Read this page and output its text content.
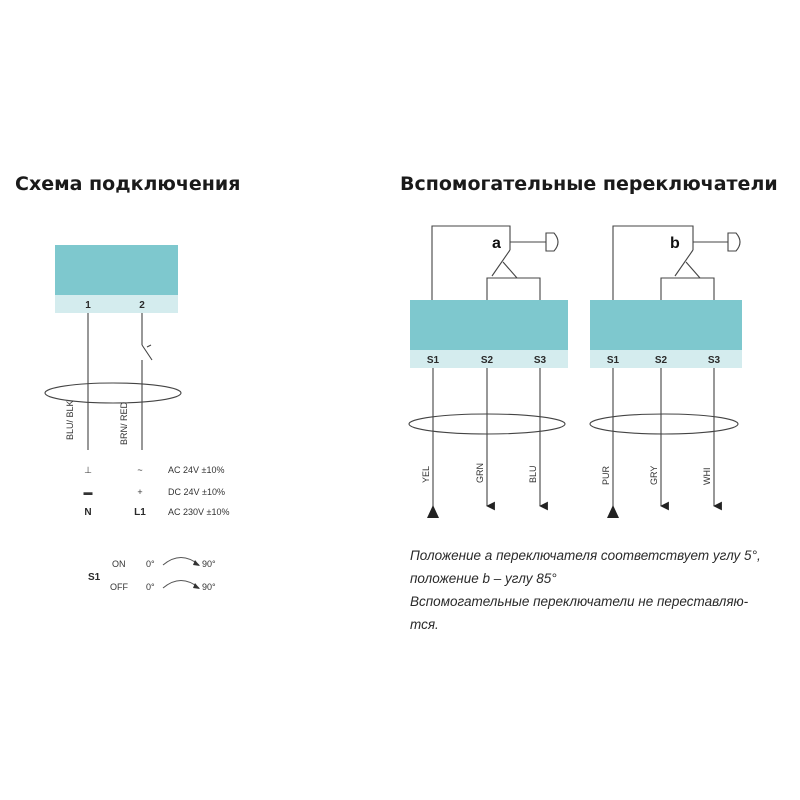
Схема подключения
1	2
BLU/ BLK	BRN/ RED
⊥	~	AC 24V ±10%
▬	+	DC 24V ±10%
N	L1 AC 230V ±10%
S1
ON 0°	90°
OFF 0°	90°
Вспомогательные переключатели
a
S1	S2	S3
YEL	GRN	BLU
b
S1	S2	S3
PUR	GRY	WHI
Положение a переключателя соответствует углу 5°,
положение b – углу 85°
Вспомогательные переключатели не переставляю-
тся.
